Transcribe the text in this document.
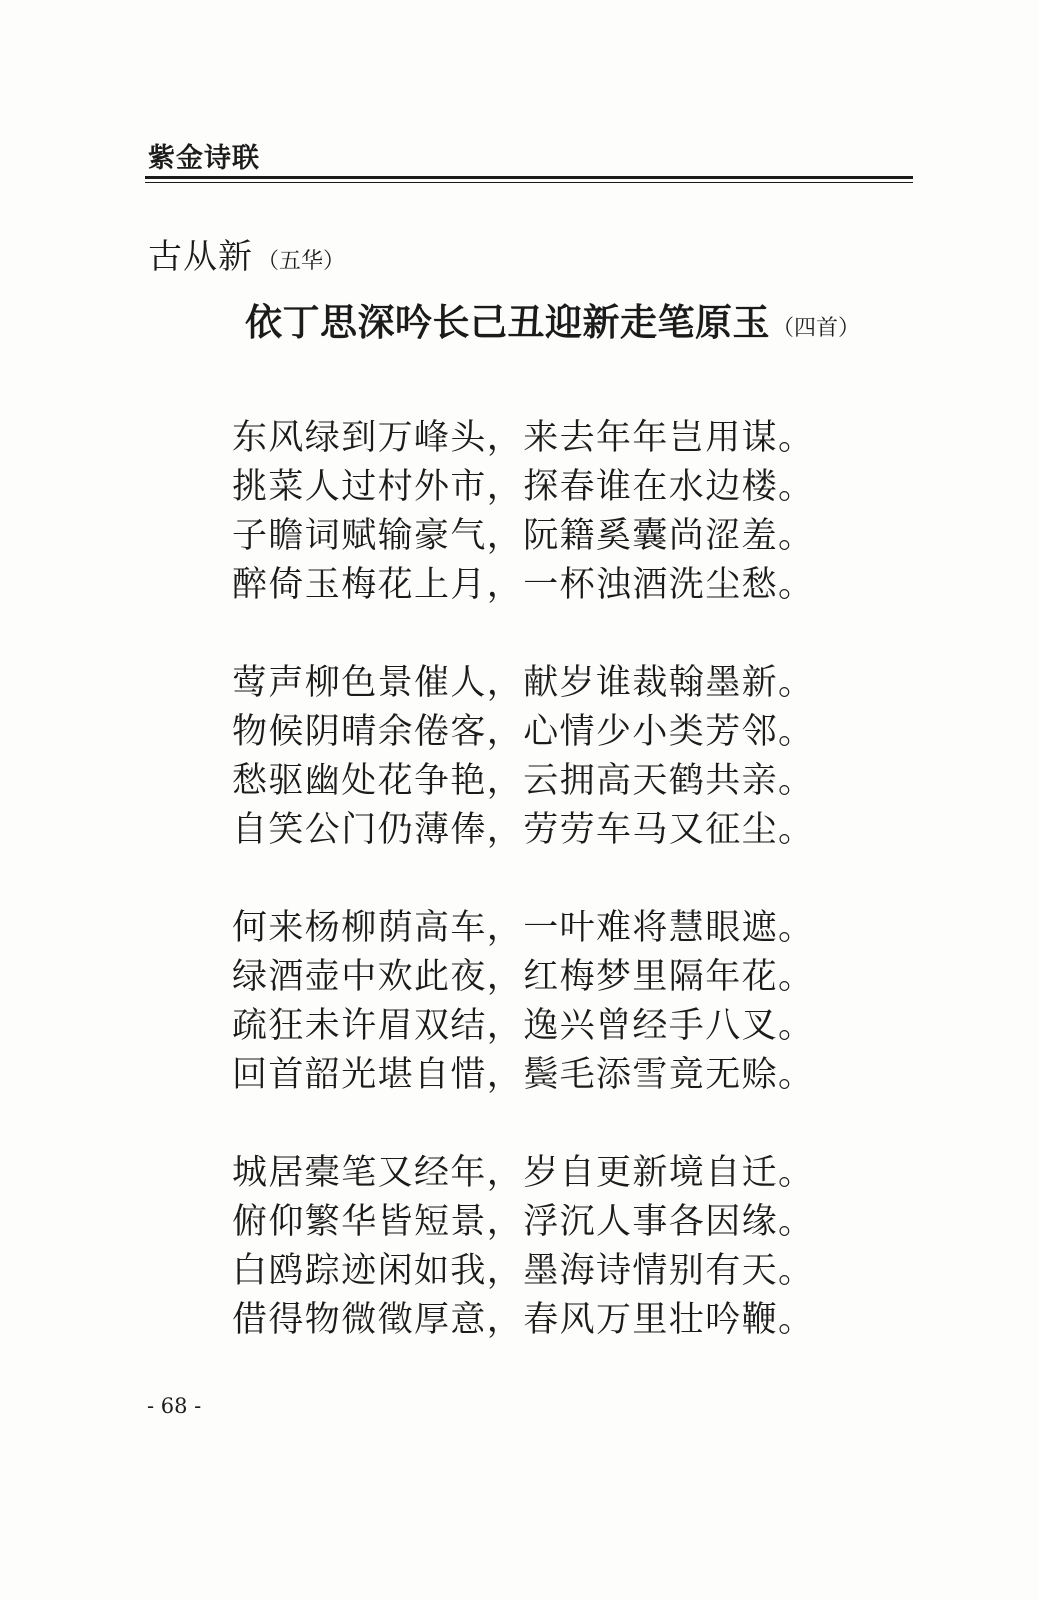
紫金诗联
古从新 （五华）
依丁思深吟长己丑迎新走笔原玉（四首）
东风绿到万峰头，来去年年岂用谋。
挑菜人过村外市，探春谁在水边楼。
子瞻词赋输豪气，阮籍奚囊尚涩羞。
醉倚玉梅花上月，一杯浊酒洗尘愁。
莺声柳色景催人，献岁谁裁翰墨新。
物候阴晴余倦客，心情少小类芳邻。
愁驱幽处花争艳，云拥高天鹤共亲。
自笑公门仍薄俸，劳劳车马又征尘。
何来杨柳荫高车，一叶难将慧眼遮。
绿酒壶中欢此夜，红梅梦里隔年花。
疏狂未许眉双结，逸兴曾经手八叉。
回首韶光堪自惜，鬓毛添雪竟无赊。
城居橐笔又经年，岁自更新境自迁。
俯仰繁华皆短景，浮沉人事各因缘。
白鸥踪迹闲如我，墨海诗情别有天。
借得物微徵厚意，春风万里壮吟鞭。
- 68 -
